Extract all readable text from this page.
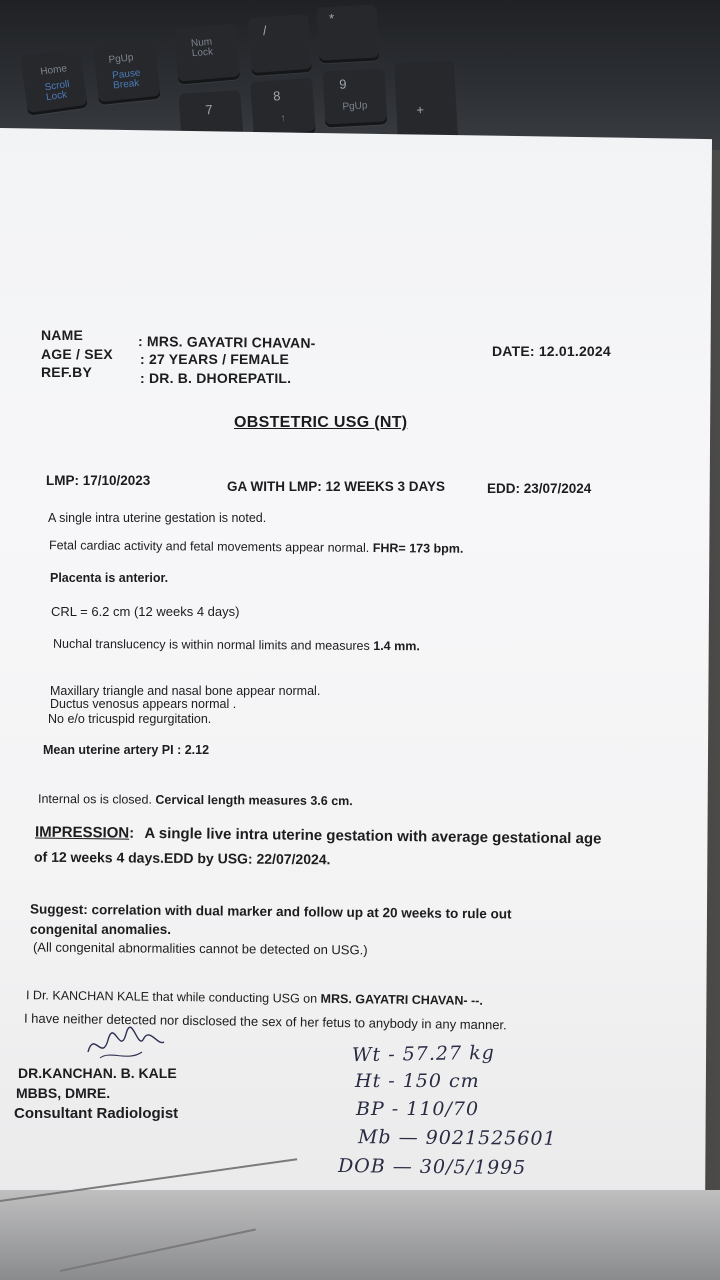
Home
Scroll Lock
PgUp
Pause Break
Num Lock
/
*
7
8
↑
9
PgUp	+
NAME	: MRS. GAYATRI CHAVAN-
AGE / SEX : 27 YEARS / FEMALE
REF.BY	: DR. B. DHOREPATIL.
DATE: 12.01.2024
OBSTETRIC USG (NT)
LMP: 17/10/2023	GA WITH LMP: 12 WEEKS 3 DAYS	EDD: 23/07/2024
A single intra uterine gestation is noted.
Fetal cardiac activity and fetal movements appear normal. FHR= 173 bpm.
Placenta is anterior.
CRL = 6.2 cm (12 weeks 4 days)
Nuchal translucency is within normal limits and measures 1.4 mm.
Maxillary triangle and nasal bone appear normal.
Ductus venosus appears normal .
No e/o tricuspid regurgitation.
Mean uterine artery PI : 2.12
Internal os is closed. Cervical length measures 3.6 cm.
IMPRESSION: A single live intra uterine gestation with average gestational age
of 12 weeks 4 days.EDD by USG: 22/07/2024.
Suggest: correlation with dual marker and follow up at 20 weeks to rule out
congenital anomalies.
(All congenital abnormalities cannot be detected on USG.)
I Dr. KANCHAN KALE that while conducting USG on MRS. GAYATRI CHAVAN- --.
I have neither detected nor disclosed the sex of her fetus to anybody in any manner.
DR.KANCHAN. B. KALE
MBBS, DMRE.
Consultant Radiologist
Wt - 57.27 kg
Ht - 150 cm
BP - 110/70
Mb — 9021525601
DOB — 30/5/1995
